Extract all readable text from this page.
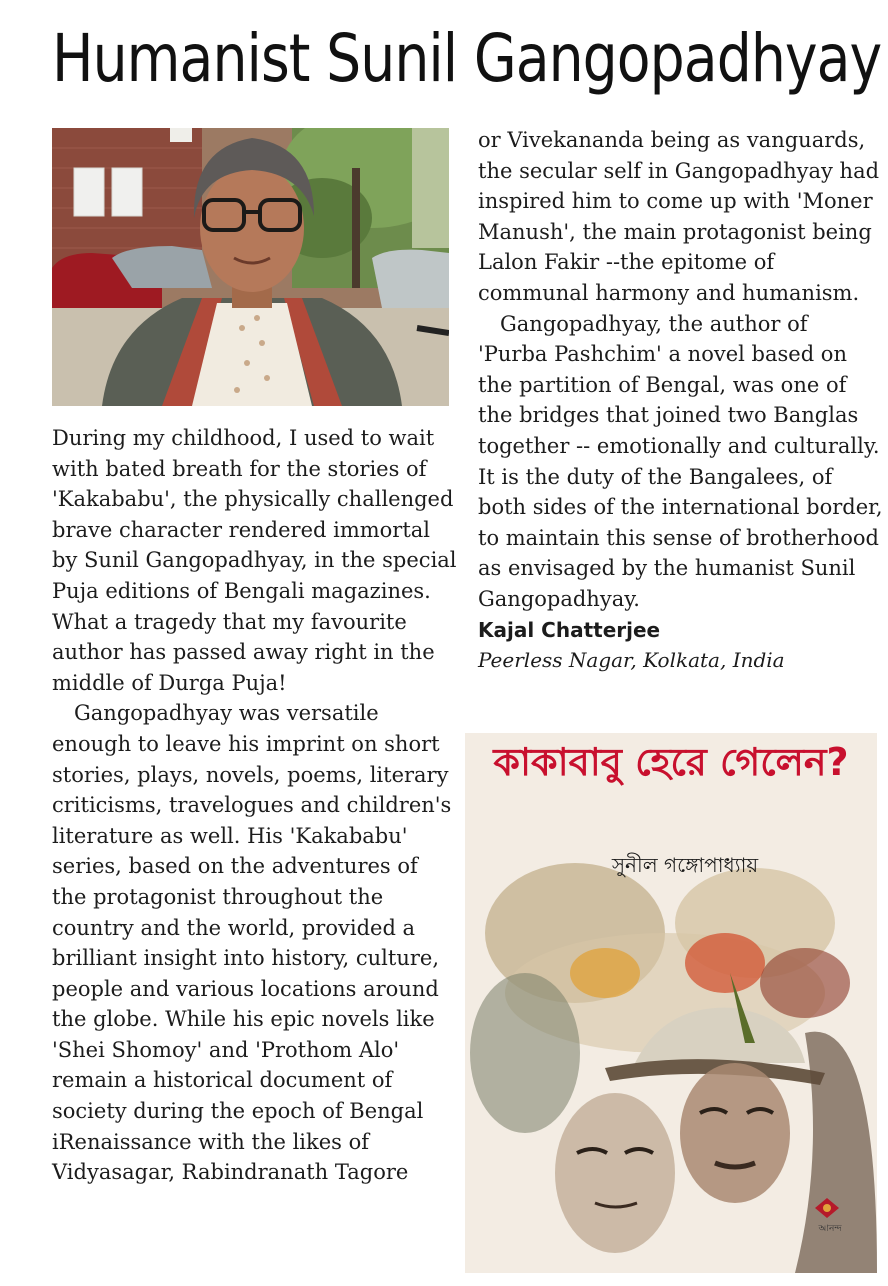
Humanist Sunil Gangopadhyay

During my childhood, I used to wait with bated breath for the stories of 'Kakababu', the physically challenged brave character rendered immortal by Sunil Gangopadhyay, in the special Puja editions of Bengali magazines. What a tragedy that my favourite author has passed away right in the middle of Durga Puja!

Gangopadhyay was versatile enough to leave his imprint on short stories, plays, novels, poems, literary criticisms, travelogues and children's literature as well. His 'Kakababu' series, based on the adventures of the protagonist throughout the country and the world, provided a brilliant insight into history, culture, people and various locations around the globe. While his epic novels like 'Shei Shomoy' and 'Prothom Alo' remain a historical document of society during the epoch of Bengal iRenaissance with the likes of Vidyasagar, Rabindranath Tagore

or Vivekananda being as vanguards, the secular self in Gangopadhyay had inspired him to come up with 'Moner Manush', the main protagonist being Lalon Fakir --the epitome of communal harmony and humanism.

Gangopadhyay, the author of 'Purba Pashchim' a novel based on the partition of Bengal, was one of the bridges that joined two Banglas together -- emotionally and culturally. It is the duty of the Bangalees, of both sides of the international border, to maintain this sense of brotherhood as envisaged by the humanist Sunil Gangopadhyay.

Kajal Chatterjee
Peerless Nagar, Kolkata, India
কাকাবাবু হেরে গেলেন?
সুনীল গঙ্গোপাধ্যায়
আনন্দ
